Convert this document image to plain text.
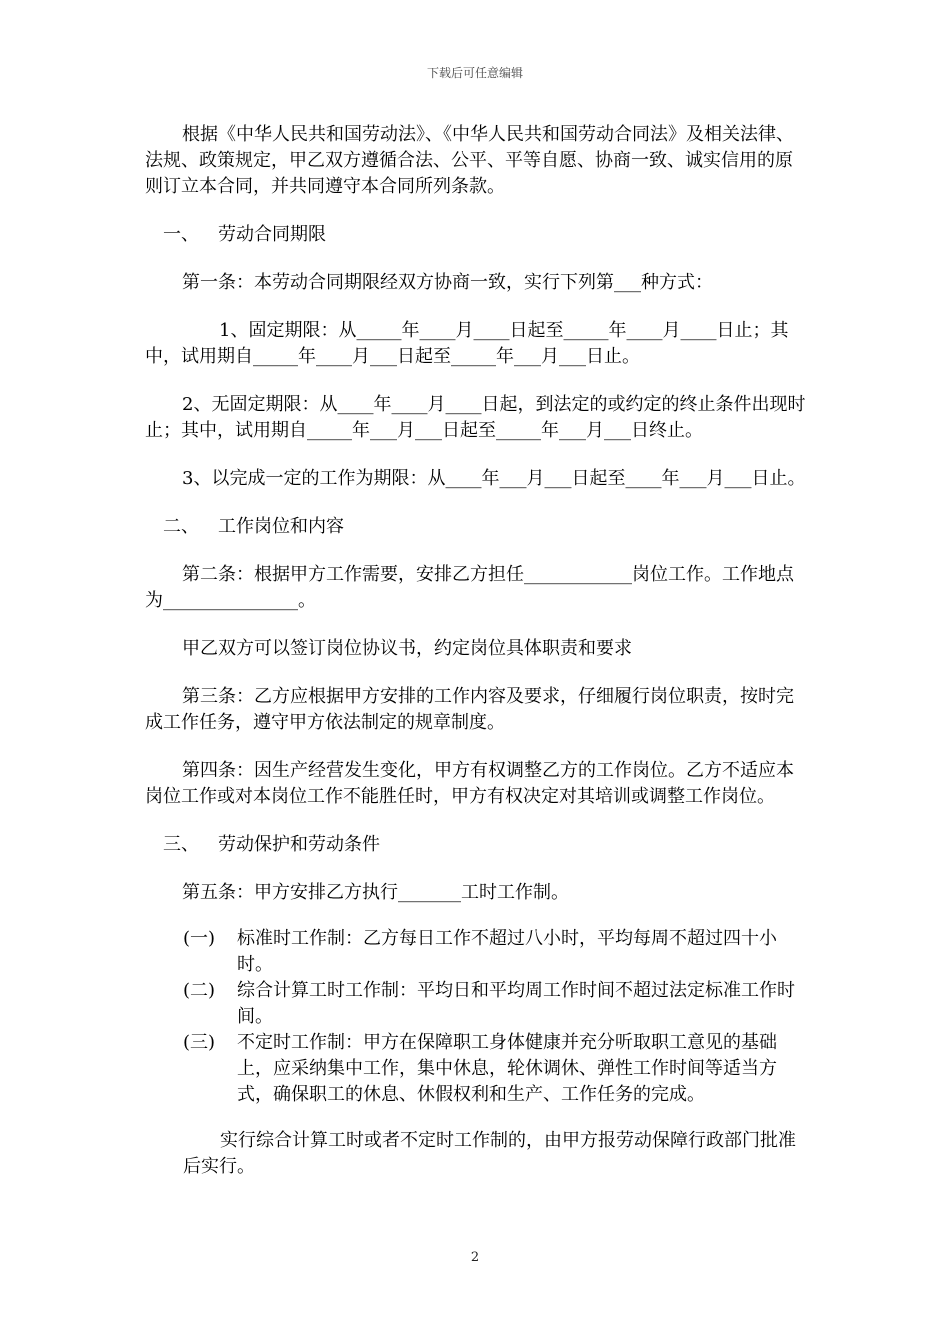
下载后可任意编辑

根据《中华人民共和国劳动法》、《中华人民共和国劳动合同法》及相关法律、法规、政策规定，甲乙双方遵循合法、公平、平等自愿、协商一致、诚实信用的原则订立本合同，并共同遵守本合同所列条款。

一、 劳动合同期限

第一条：本劳动合同期限经双方协商一致，实行下列第___种方式：

1、固定期限：从_____年____月____日起至_____年____月____日止；其中，试用期自_____年____月___日起至_____年___月___日止。

2、无固定期限：从____年____月____日起，到法定的或约定的终止条件出现时止；其中，试用期自_____年___月___日起至_____年___月___日终止。

3、以完成一定的工作为期限：从____年___月___日起至____年___月___日止。

二、 工作岗位和内容

第二条：根据甲方工作需要，安排乙方担任____________岗位工作。工作地点为_______________。

甲乙双方可以签订岗位协议书，约定岗位具体职责和要求

第三条：乙方应根据甲方安排的工作内容及要求，仔细履行岗位职责，按时完成工作任务，遵守甲方依法制定的规章制度。

第四条：因生产经营发生变化，甲方有权调整乙方的工作岗位。乙方不适应本岗位工作或对本岗位工作不能胜任时，甲方有权决定对其培训或调整工作岗位。

三、 劳动保护和劳动条件

第五条：甲方安排乙方执行_______工时工作制。

(一)	标准时工作制：乙方每日工作不超过八小时，平均每周不超过四十小时。
(二)	综合计算工时工作制：平均日和平均周工作时间不超过法定标准工作时间。
(三)	不定时工作制：甲方在保障职工身体健康并充分听取职工意见的基础上，应采纳集中工作，集中休息，轮休调休、弹性工作时间等适当方式，确保职工的休息、休假权利和生产、工作任务的完成。

实行综合计算工时或者不定时工作制的，由甲方报劳动保障行政部门批准后实行。

2
